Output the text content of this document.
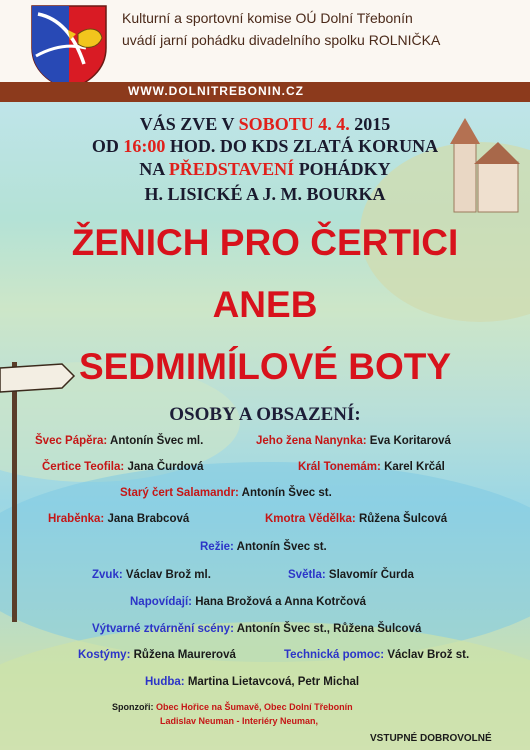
Kulturní a sportovní komise OÚ Dolní Třebonín
uvádí jarní pohádku divadelního spolku ROLNIČKA
WWW.DOLNITREBONIN.CZ
VÁS ZVE V SOBOTU 4. 4. 2015
OD 16:00 HOD. DO KDS ZLATÁ KORUNA
NA PŘEDSTAVENÍ POHÁDKY
H. LISICKÉ A J. M. BOURKA
ŽENICH PRO ČERTICI
ANEB
SEDMIMÍLOVÉ BOTY
OSOBY A OBSAZENÍ:
Švec Pápěra: Antonín Švec ml.	Jeho žena Nanynka: Eva Koritarová
Čertice Teofila: Jana Čurdová	Král Tonemám: Karel Krčál
Starý čert Salamandr: Antonín Švec st.
Hraběnka: Jana Brabcová	Kmotra Vědělka: Růžena Šulcová
Režie: Antonín Švec st.
Zvuk: Václav Brož ml.	Světla: Slavomír Čurda
Napovídají: Hana Brožová a Anna Kotrčová
Výtvarné ztvárnění scény: Antonín Švec st., Růžena Šulcová
Kostýmy: Růžena Maurerová	Technická pomoc: Václav Brož st.
Hudba: Martina Lietavcová, Petr Michal
Sponzoři: Obec Hořice na Šumavě, Obec Dolní Třebonín
Ladislav Neuman - Interiéry Neuman,
VSTUPNÉ DOBROVOLNÉ
